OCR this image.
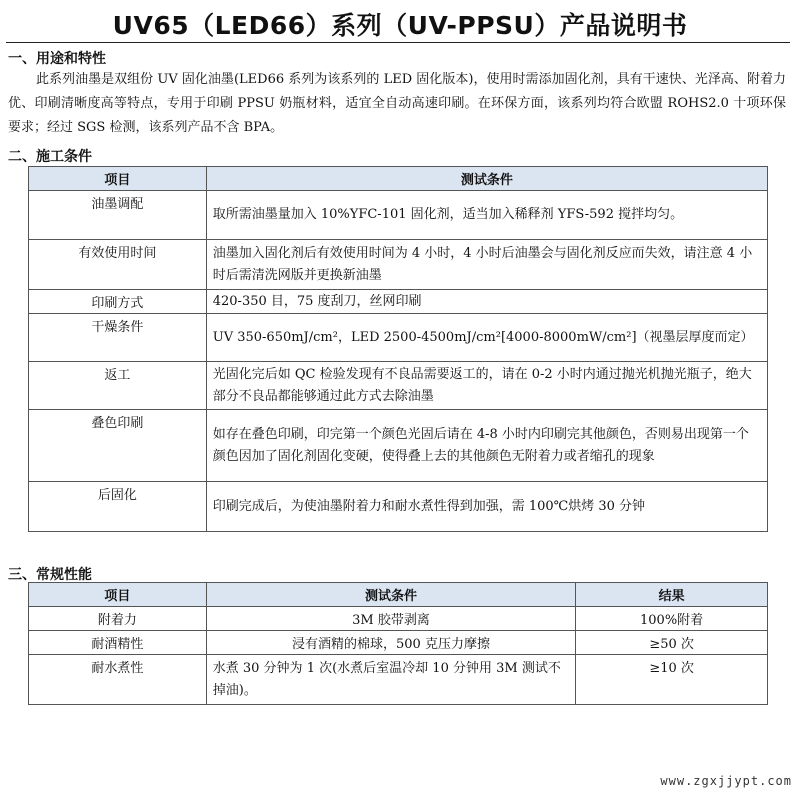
UV65（LED66）系列（UV-PPSU）产品说明书
一、用途和特性
此系列油墨是双组份 UV 固化油墨(LED66 系列为该系列的 LED 固化版本)，使用时需添加固化剂，具有干速快、光泽高、附着力优、印刷清晰度高等特点，专用于印刷 PPSU 奶瓶材料，适宜全自动高速印刷。在环保方面，该系列均符合欧盟 ROHS2.0 十项环保要求；经过 SGS 检测，该系列产品不含 BPA。
二、施工条件
项目	测试条件
油墨调配	取所需油墨量加入 10%YFC-101 固化剂，适当加入稀释剂 YFS-592 搅拌均匀。
有效使用时间	油墨加入固化剂后有效使用时间为 4 小时，4 小时后油墨会与固化剂反应而失效，请注意 4 小时后需清洗网版并更换新油墨
印刷方式	420-350 目，75 度刮刀，丝网印刷
干燥条件	UV 350-650mJ/cm²，LED 2500-4500mJ/cm²[4000-8000mW/cm²]（视墨层厚度而定）
返工	光固化完后如 QC 检验发现有不良品需要返工的，请在 0-2 小时内通过抛光机抛光瓶子，绝大部分不良品都能够通过此方式去除油墨
叠色印刷	如存在叠色印刷，印完第一个颜色光固后请在 4-8 小时内印刷完其他颜色，否则易出现第一个颜色因加了固化剂固化变硬，使得叠上去的其他颜色无附着力或者缩孔的现象
后固化	印刷完成后，为使油墨附着力和耐水煮性得到加强，需 100℃烘烤 30 分钟
三、常规性能
项目	测试条件	结果
附着力	3M 胶带剥离	100%附着
耐酒精性	浸有酒精的棉球，500 克压力摩擦	≥50 次
耐水煮性	水煮 30 分钟为 1 次(水煮后室温冷却 10 分钟用 3M 测试不掉油)。	≥10 次
www.zgxjjypt.com
